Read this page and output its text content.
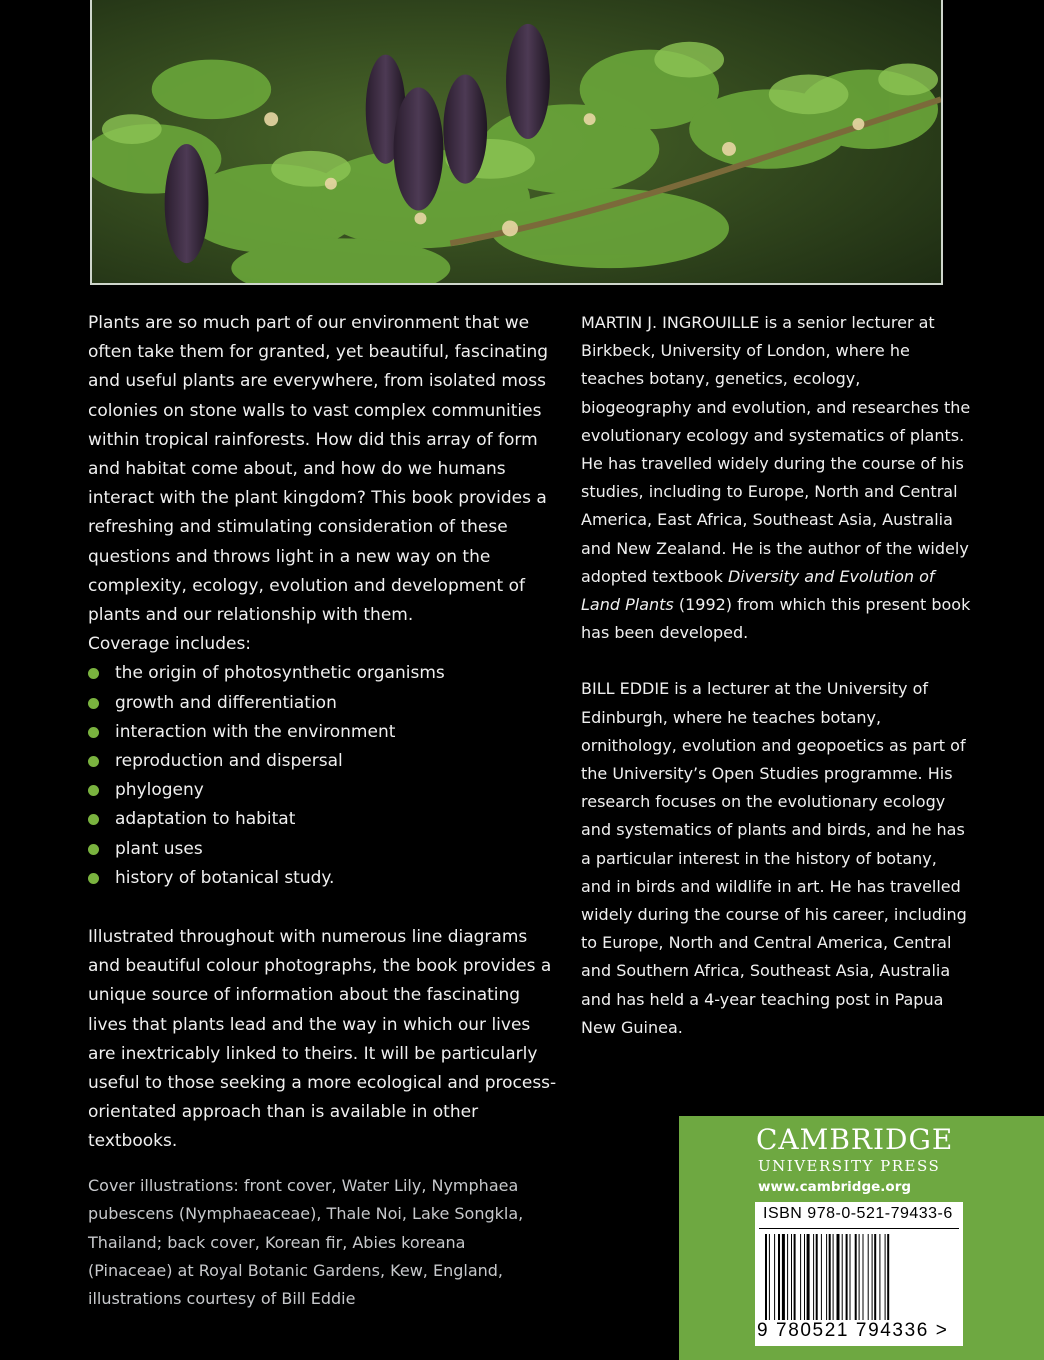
Plants are so much part of our environment that we often take them for granted, yet beautiful, fascinating and useful plants are everywhere, from isolated moss colonies on stone walls to vast complex communities within tropical rainforests. How did this array of form and habitat come about, and how do we humans interact with the plant kingdom? This book provides a refreshing and stimulating consideration of these questions and throws light in a new way on the complexity, ecology, evolution and development of plants and our relationship with them.

Coverage includes:

the origin of photosynthetic organisms
growth and differentiation
interaction with the environment
reproduction and dispersal
phylogeny
adaptation to habitat
plant uses
history of botanical study.

Illustrated throughout with numerous line diagrams and beautiful colour photographs, the book provides a unique source of information about the fascinating lives that plants lead and the way in which our lives are inextricably linked to theirs. It will be particularly useful to those seeking a more ecological and process-orientated approach than is available in other textbooks.

MARTIN J. INGROUILLE is a senior lecturer at Birkbeck, University of London, where he teaches botany, genetics, ecology, biogeography and evolution, and researches the evolutionary ecology and systematics of plants. He has travelled widely during the course of his studies, including to Europe, North and Central America, East Africa, Southeast Asia, Australia and New Zealand. He is the author of the widely adopted textbook Diversity and Evolution of Land Plants (1992) from which this present book has been developed.

BILL EDDIE is a lecturer at the University of Edinburgh, where he teaches botany, ornithology, evolution and geopoetics as part of the University’s Open Studies programme. His research focuses on the evolutionary ecology and systematics of plants and birds, and he has a particular interest in the history of botany, and in birds and wildlife in art. He has travelled widely during the course of his career, including to Europe, North and Central America, Central and Southern Africa, Southeast Asia, Australia and has held a 4-year teaching post in Papua New Guinea.

Cover illustrations: front cover, Water Lily, Nymphaea pubescens (Nymphaeaceae), Thale Noi, Lake Songkla, Thailand; back cover, Korean fir, Abies koreana (Pinaceae) at Royal Botanic Gardens, Kew, England, illustrations courtesy of Bill Eddie
CAMBRIDGE
UNIVERSITY PRESS
www.cambridge.org
ISBN 978-0-521-79433-6
9 780521 794336 >
